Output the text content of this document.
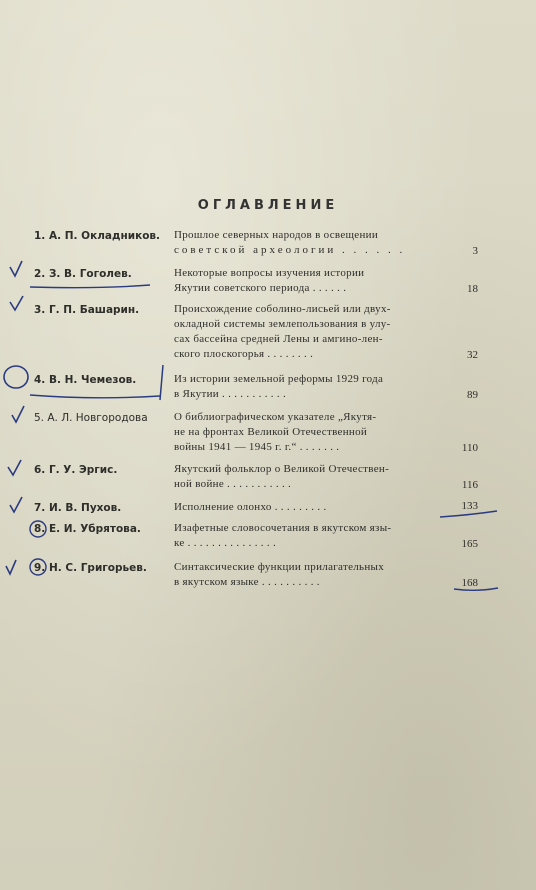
ОГЛАВЛЕНИЕ
1. А. П. Окладников.	Прошлое северных народов в освещении
советской археологии . . . . . .	3
2. З. В. Гоголев.	Некоторые вопросы изучения истории
Якутии советского периода . . . . . .	18
3. Г. П. Башарин.	Происхождение соболино-лисьей или двух-
окладной системы землепользования в улу-
сах бассейна средней Лены и амгино-лен-
ского плоскогорья . . . . . . . .	32
4. В. Н. Чемезов.	Из истории земельной реформы 1929 года
в Якутии . . . . . . . . . . .	89
5. А. Л. Новгородова	О библиографическом указателе „Якутя-
не на фронтах Великой Отечественной
войны 1941 — 1945 г. г.“ . . . . . . .	110
6. Г. У. Эргис.	Якутский фольклор о Великой Отечествен-
ной войне . . . . . . . . . . .	116
7. И. В. Пухов.	Исполнение олонхо . . . . . . . . .	133
8. Е. И. Убрятова.	Изафетные словосочетания в якутском язы-
ке . . . . . . . . . . . . . . .	165
9. Н. С. Григорьев.	Синтаксические функции прилагательных
в якутском языке . . . . . . . . . .	168
